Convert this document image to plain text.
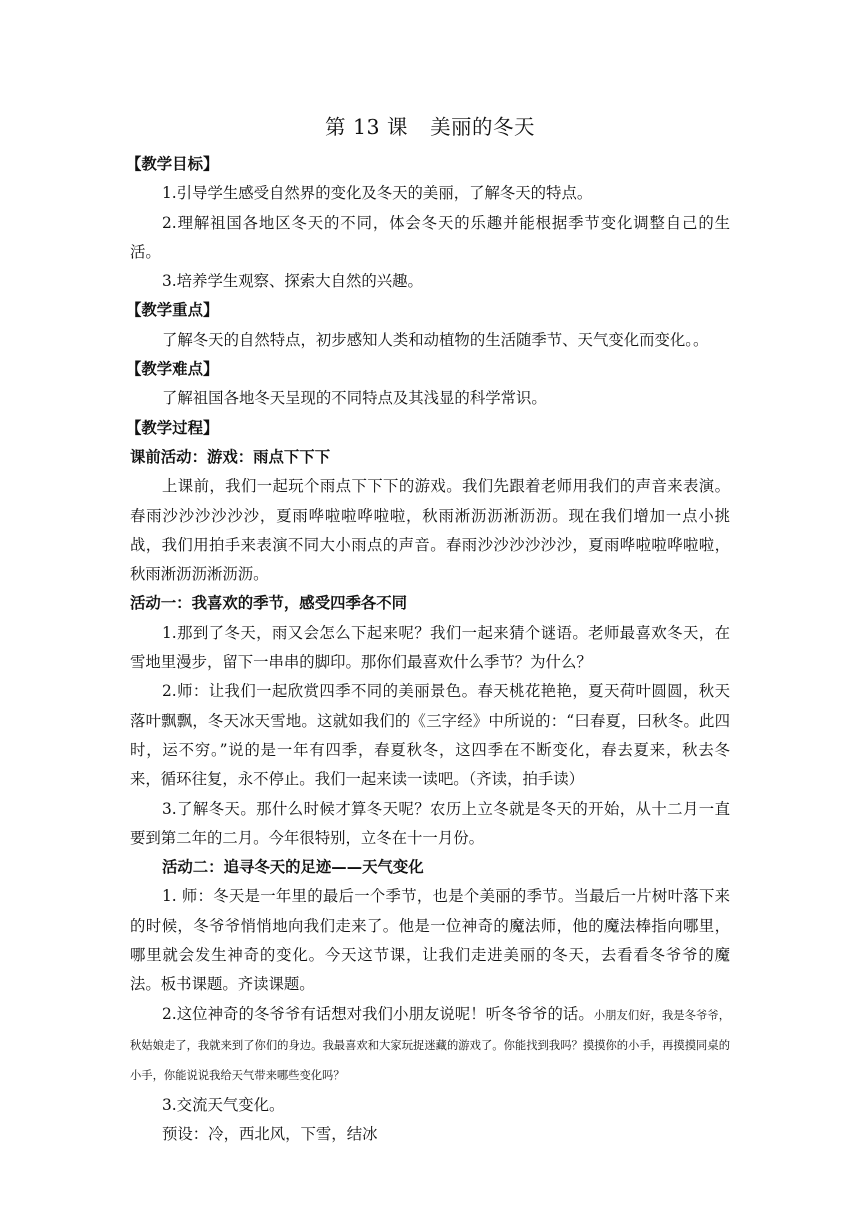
第 13 课 美丽的冬天
【教学目标】

1.引导学生感受自然界的变化及冬天的美丽，了解冬天的特点。

2.理解祖国各地区冬天的不同，体会冬天的乐趣并能根据季节变化调整自己的生活。

3.培养学生观察、探索大自然的兴趣。

【教学重点】

了解冬天的自然特点，初步感知人类和动植物的生活随季节、天气变化而变化。。

【教学难点】

了解祖国各地冬天呈现的不同特点及其浅显的科学常识。

【教学过程】
课前活动：游戏：雨点下下下

上课前，我们一起玩个雨点下下下的游戏。我们先跟着老师用我们的声音来表演。春雨沙沙沙沙沙沙，夏雨哗啦啦哗啦啦，秋雨淅沥沥淅沥沥。现在我们增加一点小挑战，我们用拍手来表演不同大小雨点的声音。春雨沙沙沙沙沙沙，夏雨哗啦啦哗啦啦，秋雨淅沥沥淅沥沥。

活动一：我喜欢的季节，感受四季各不同

1.那到了冬天，雨又会怎么下起来呢？我们一起来猜个谜语。老师最喜欢冬天，在雪地里漫步，留下一串串的脚印。那你们最喜欢什么季节？为什么？

2.师：让我们一起欣赏四季不同的美丽景色。春天桃花艳艳，夏天荷叶圆圆，秋天落叶飘飘，冬天冰天雪地。这就如我们的《三字经》中所说的：“曰春夏，曰秋冬。此四时，运不穷。”说的是一年有四季，春夏秋冬，这四季在不断变化，春去夏来，秋去冬来，循环往复，永不停止。我们一起来读一读吧。（齐读，拍手读）

3.了解冬天。那什么时候才算冬天呢？农历上立冬就是冬天的开始，从十二月一直要到第二年的二月。今年很特别，立冬在十一月份。

活动二：追寻冬天的足迹——天气变化

1. 师：冬天是一年里的最后一个季节，也是个美丽的季节。当最后一片树叶落下来的时候，冬爷爷悄悄地向我们走来了。他是一位神奇的魔法师，他的魔法棒指向哪里，哪里就会发生神奇的变化。今天这节课，让我们走进美丽的冬天，去看看冬爷爷的魔法。板书课题。齐读课题。

2.这位神奇的冬爷爷有话想对我们小朋友说呢！听冬爷爷的话。小朋友们好，我是冬爷爷，秋姑娘走了，我就来到了你们的身边。我最喜欢和大家玩捉迷藏的游戏了。你能找到我吗？摸摸你的小手，再摸摸同桌的小手，你能说说我给天气带来哪些变化吗？

3.交流天气变化。

预设：冷，西北风，下雪，结冰
